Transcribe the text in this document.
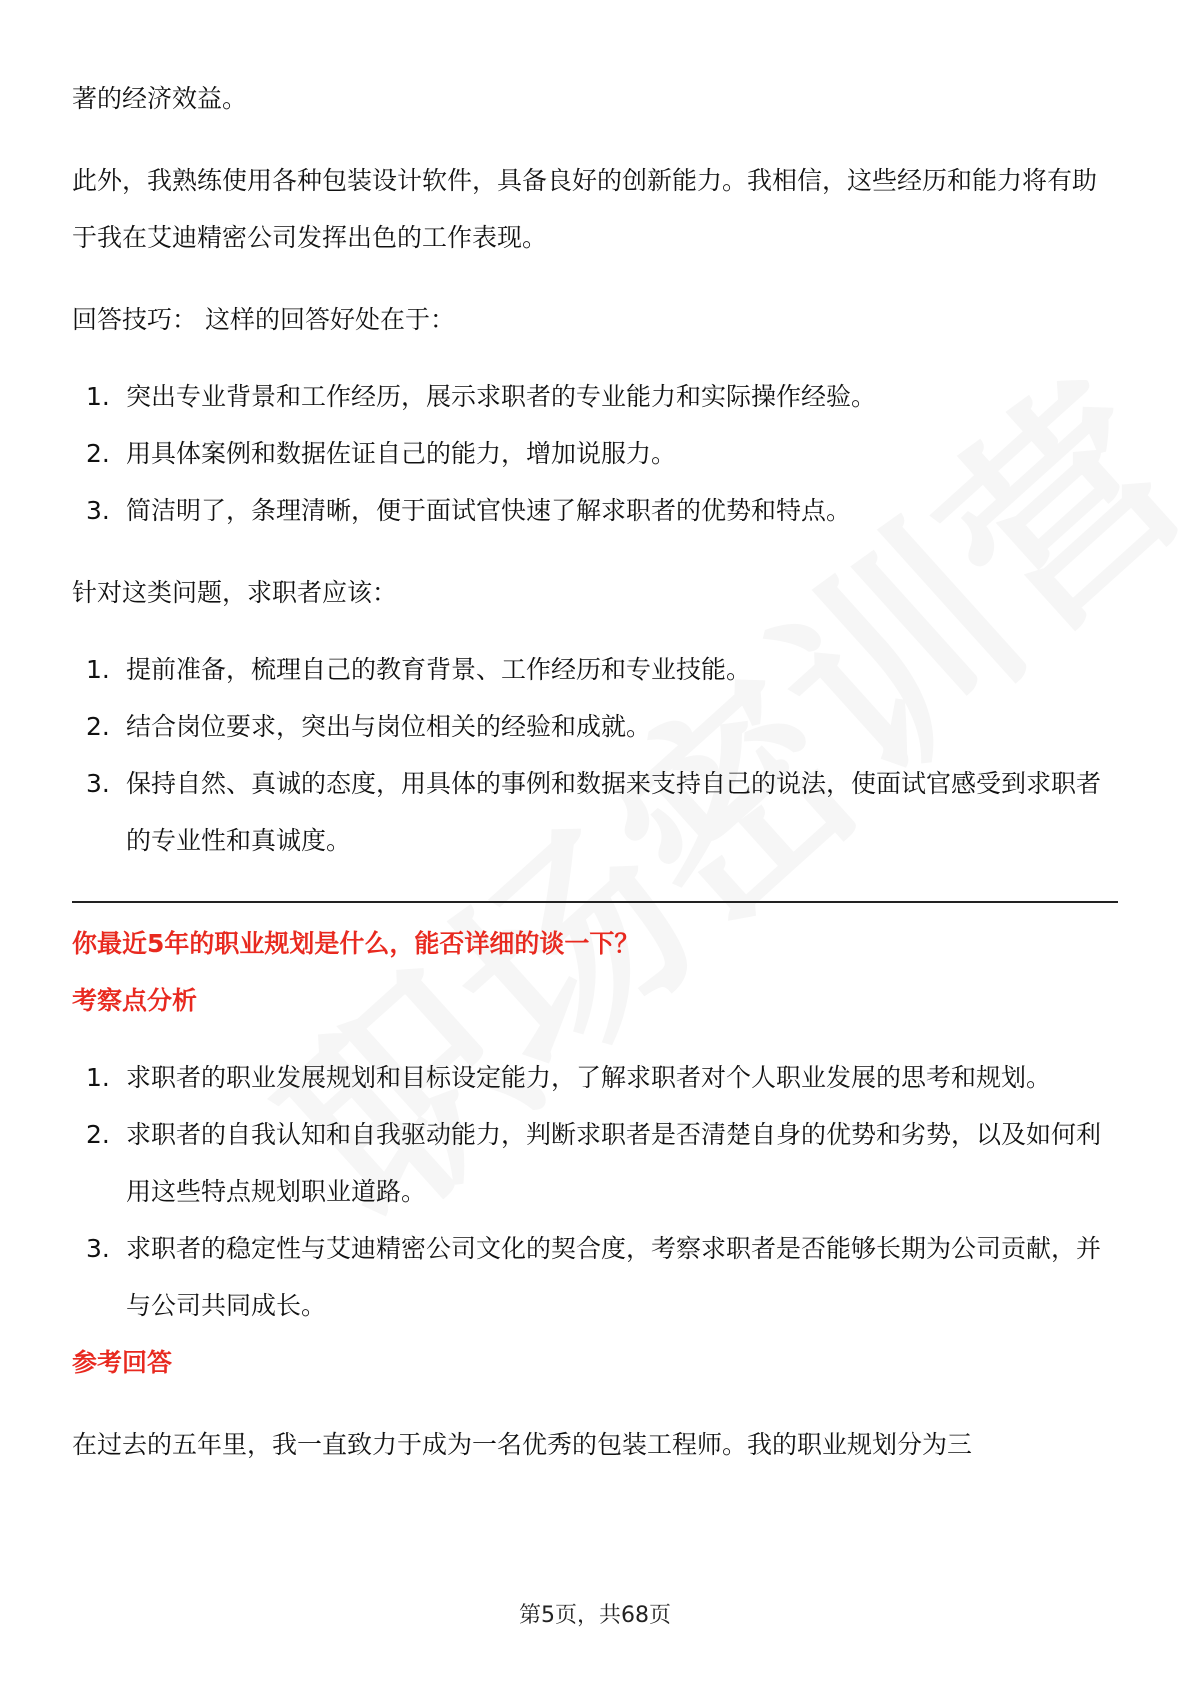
著的经济效益。

此外，我熟练使用各种包装设计软件，具备良好的创新能力。我相信，这些经历和能力将有助于我在艾迪精密公司发挥出色的工作表现。

回答技巧： 这样的回答好处在于：

1. 突出专业背景和工作经历，展示求职者的专业能力和实际操作经验。
2. 用具体案例和数据佐证自己的能力，增加说服力。
3. 简洁明了，条理清晰，便于面试官快速了解求职者的优势和特点。

针对这类问题，求职者应该：

1. 提前准备，梳理自己的教育背景、工作经历和专业技能。
2. 结合岗位要求，突出与岗位相关的经验和成就。
3. 保持自然、真诚的态度，用具体的事例和数据来支持自己的说法，使面试官感受到求职者的专业性和真诚度。
你最近5年的职业规划是什么，能否详细的谈一下？
考察点分析
1. 求职者的职业发展规划和目标设定能力，了解求职者对个人职业发展的思考和规划。
2. 求职者的自我认知和自我驱动能力，判断求职者是否清楚自身的优势和劣势，以及如何利用这些特点规划职业道路。
3. 求职者的稳定性与艾迪精密公司文化的契合度，考察求职者是否能够长期为公司贡献，并与公司共同成长。
参考回答

在过去的五年里，我一直致力于成为一名优秀的包装工程师。我的职业规划分为三

第5页，共68页
